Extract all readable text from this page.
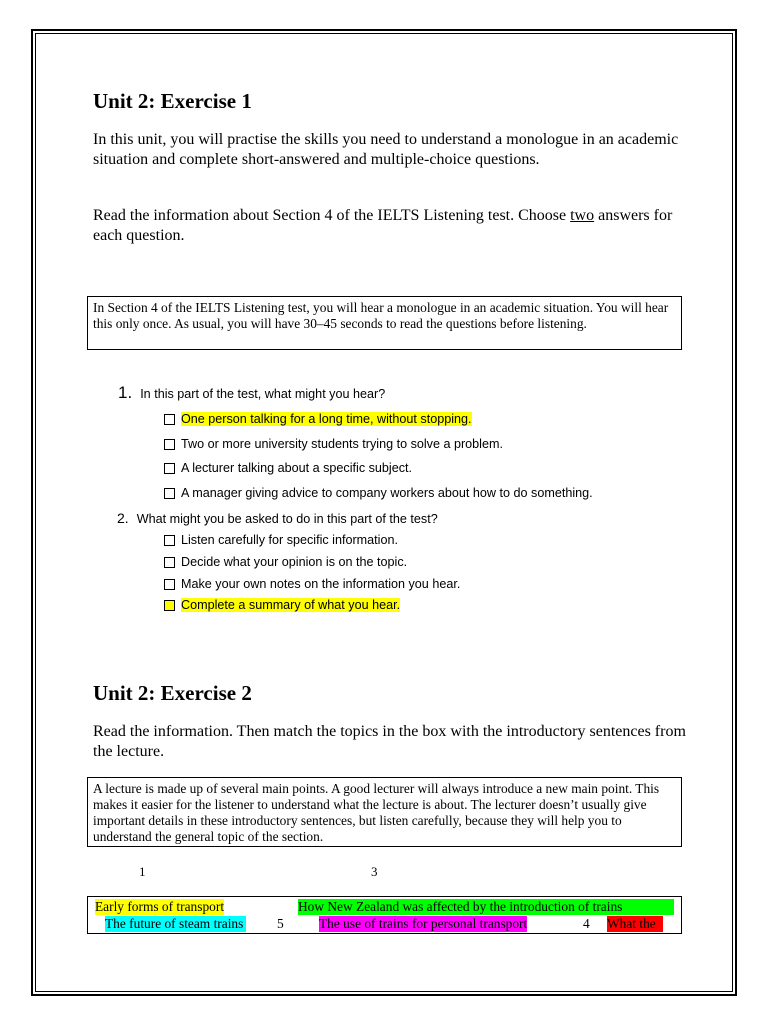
Unit 2: Exercise 1

In this unit, you will practise the skills you need to understand a monologue in an academic situation and complete short-answered and multiple-choice questions.

Read the information about Section 4 of the IELTS Listening test. Choose two answers for each question.

In Section 4 of the IELTS Listening test, you will hear a monologue in an academic situation. You will hear this only once. As usual, you will have 30–45 seconds to read the questions before listening.
1. In this part of the test, what might you hear?
One person talking for a long time, without stopping.
Two or more university students trying to solve a problem.
A lecturer talking about a specific subject.
A manager giving advice to company workers about how to do something.
2. What might you be asked to do in this part of the test?
Listen carefully for specific information.
Decide what your opinion is on the topic.
Make your own notes on the information you hear.
Complete a summary of what you hear.
Unit 2: Exercise 2

Read the information. Then match the topics in the box with the introductory sentences from the lecture.

A lecture is made up of several main points. A good lecturer will always introduce a new main point. This makes it easier for the listener to understand what the lecture is about. The lecturer doesn’t usually give important details in these introductory sentences, but listen carefully, because they will help you to understand the general topic of the section.
1	3
Early forms of transport	How New Zealand was affected by the introduction of trains
The future of steam trains	5	The use of trains for personal transport	4 What the
